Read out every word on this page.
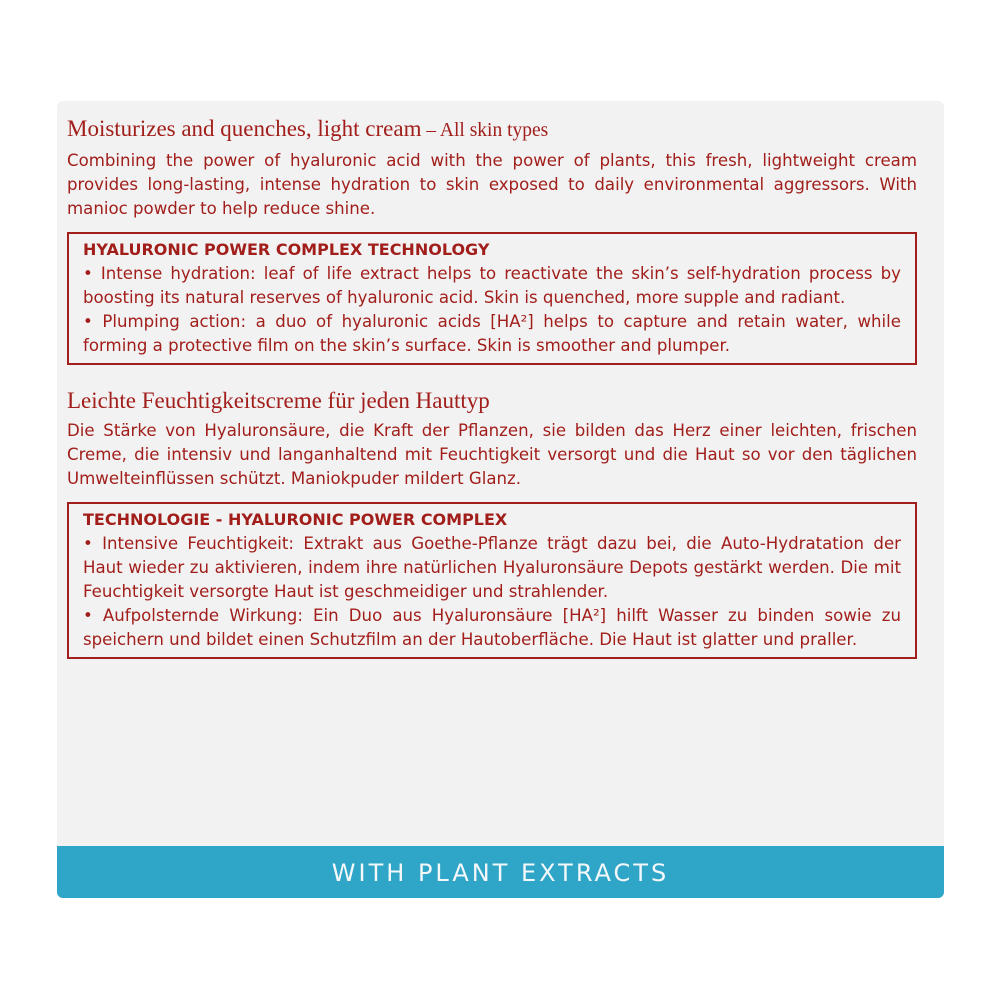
Moisturizes and quenches, light cream – All skin types

Combining the power of hyaluronic acid with the power of plants, this fresh, lightweight cream provides long-lasting, intense hydration to skin exposed to daily environmental aggressors. With manioc powder to help reduce shine.

HYALURONIC POWER COMPLEX TECHNOLOGY

• Intense hydration: leaf of life extract helps to reactivate the skin’s self-hydration process by boosting its natural reserves of hyaluronic acid. Skin is quenched, more supple and radiant.

• Plumping action: a duo of hyaluronic acids [HA²] helps to capture and retain water, while forming a protective film on the skin’s surface. Skin is smoother and plumper.

Leichte Feuchtigkeitscreme für jeden Hauttyp

Die Stärke von Hyaluronsäure, die Kraft der Pflanzen, sie bilden das Herz einer leichten, frischen Creme, die intensiv und langanhaltend mit Feuchtigkeit versorgt und die Haut so vor den täglichen Umwelteinflüssen schützt. Maniokpuder mildert Glanz.

TECHNOLOGIE - HYALURONIC POWER COMPLEX

• Intensive Feuchtigkeit: Extrakt aus Goethe-Pflanze trägt dazu bei, die Auto-Hydratation der Haut wieder zu aktivieren, indem ihre natürlichen Hyaluronsäure Depots gestärkt werden. Die mit Feuchtigkeit versorgte Haut ist geschmeidiger und strahlender.

• Aufpolsternde Wirkung: Ein Duo aus Hyaluronsäure [HA²] hilft Wasser zu binden sowie zu speichern und bildet einen Schutzfilm an der Hautoberfläche. Die Haut ist glatter und praller.

WITH PLANT EXTRACTS
